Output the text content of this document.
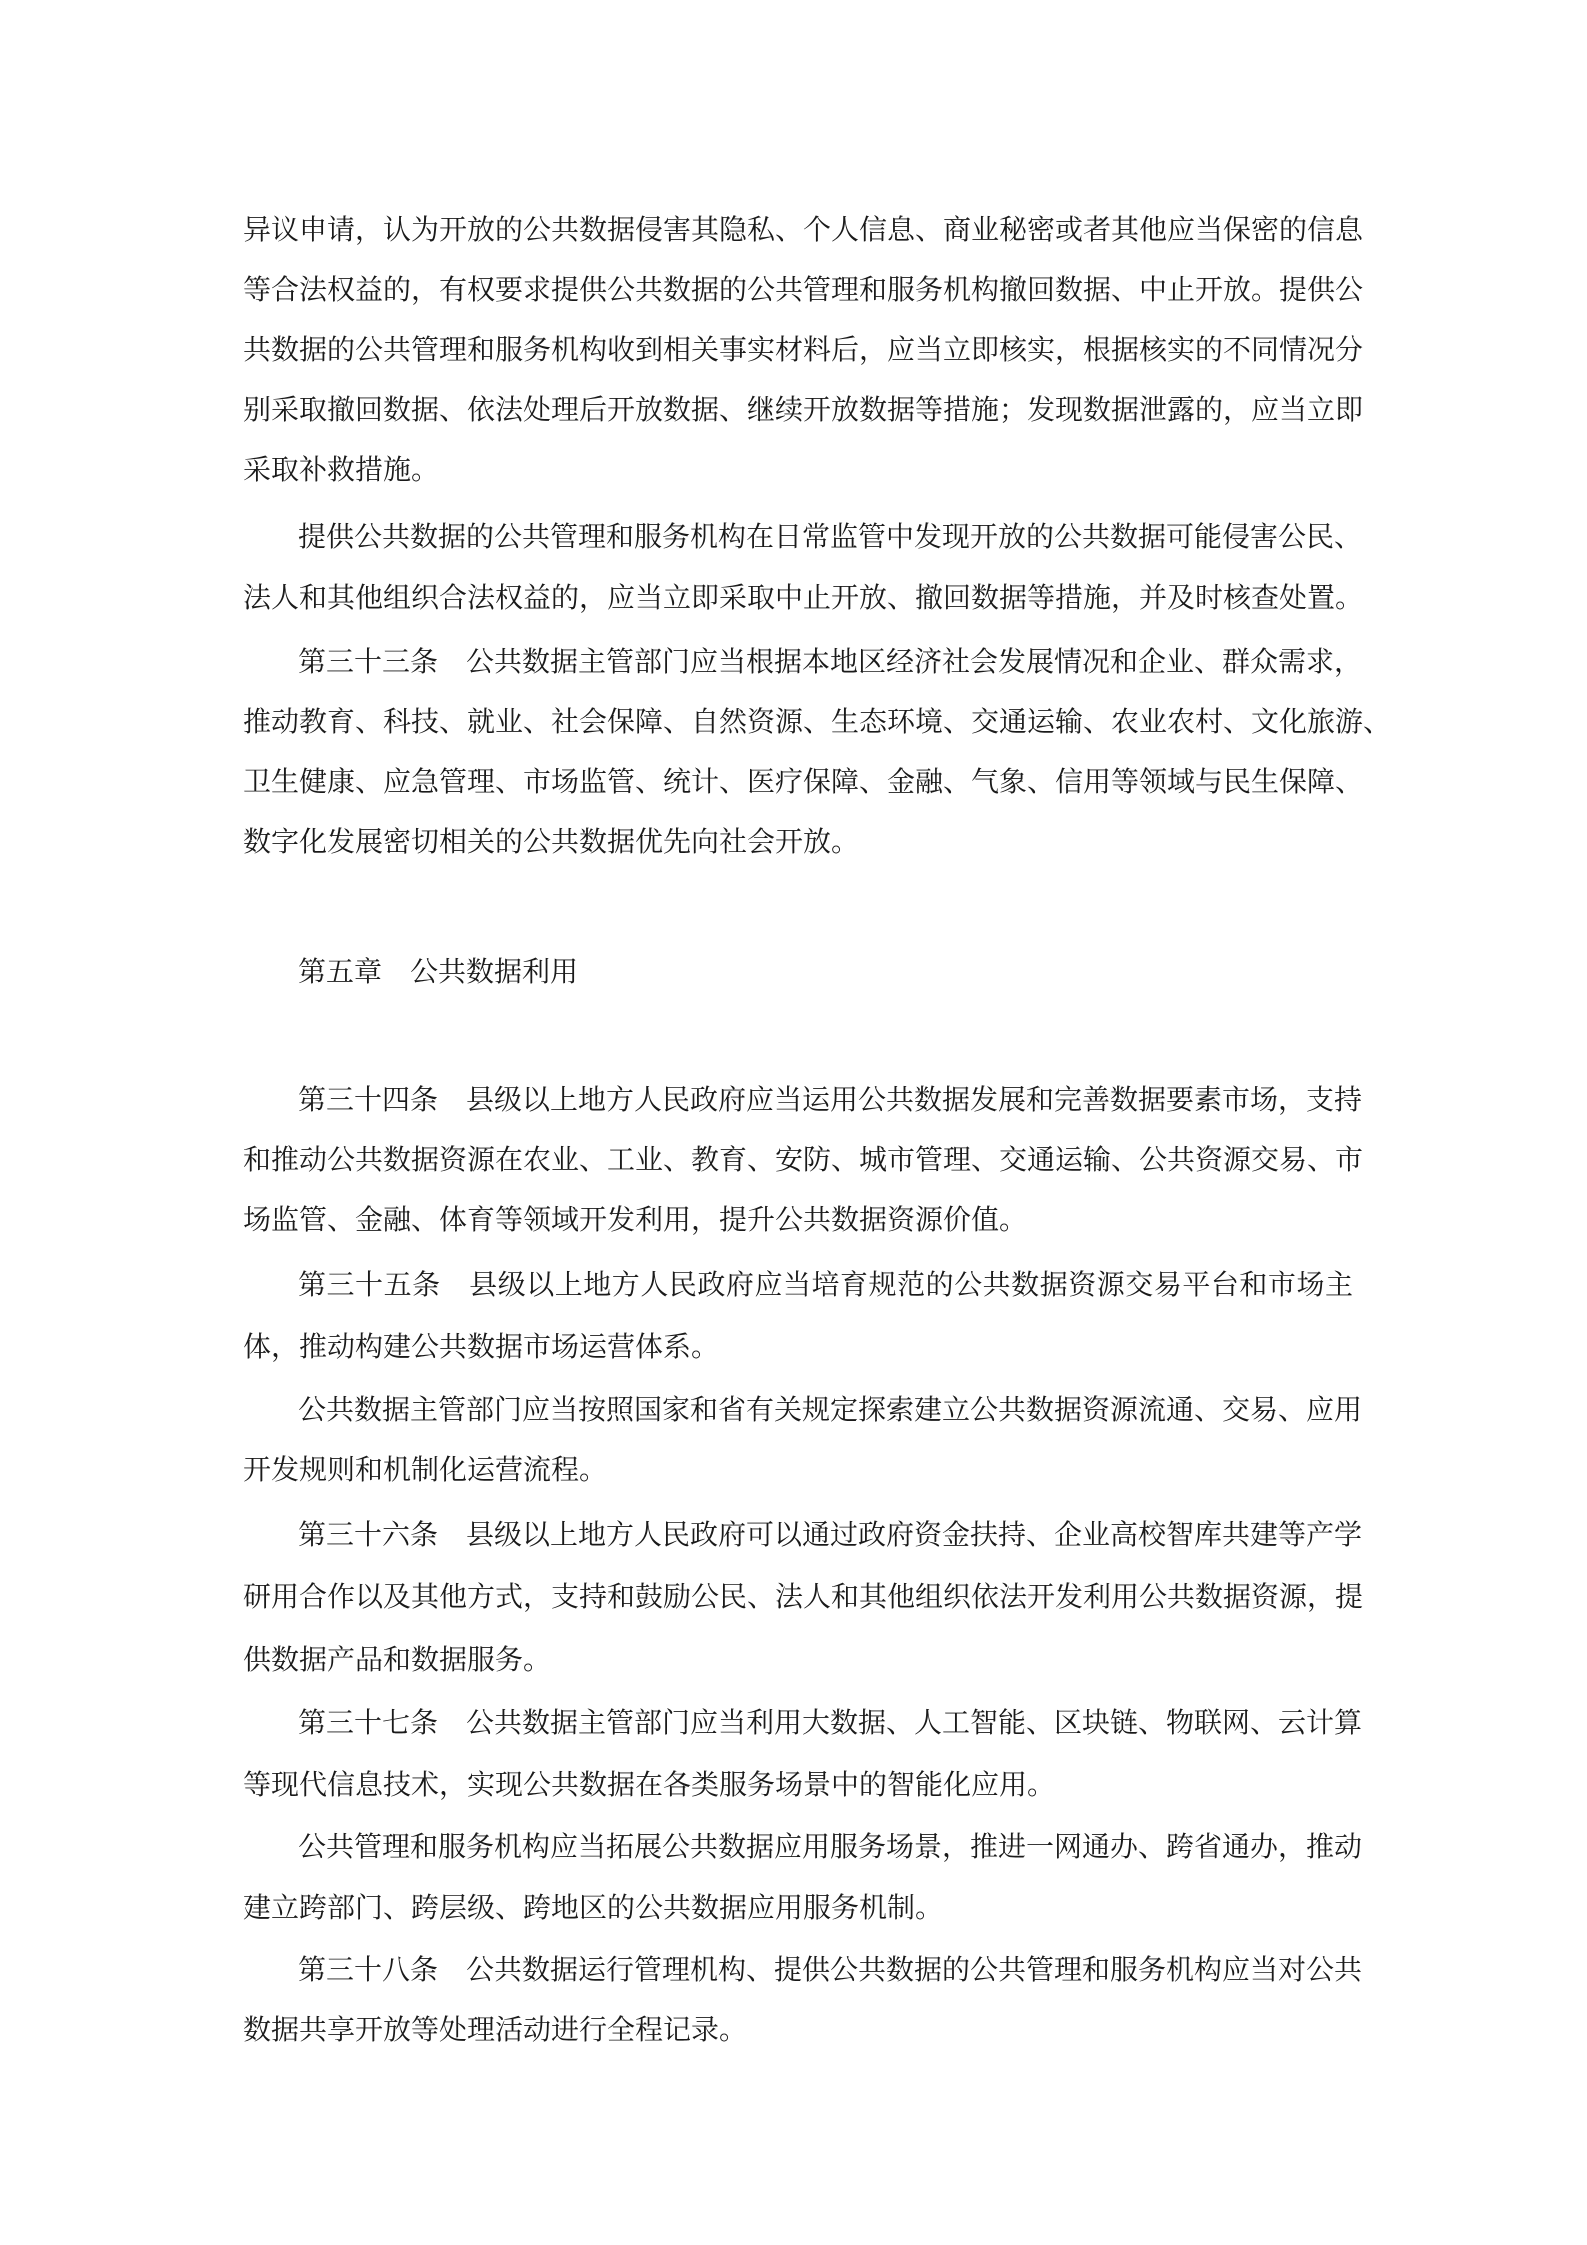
异议申请，认为开放的公共数据侵害其隐私、个人信息、商业秘密或者其他应当保密的信息
等合法权益的，有权要求提供公共数据的公共管理和服务机构撤回数据、中止开放。提供公
共数据的公共管理和服务机构收到相关事实材料后，应当立即核实，根据核实的不同情况分
别采取撤回数据、依法处理后开放数据、继续开放数据等措施；发现数据泄露的，应当立即
采取补救措施。
提供公共数据的公共管理和服务机构在日常监管中发现开放的公共数据可能侵害公民、
法人和其他组织合法权益的，应当立即采取中止开放、撤回数据等措施，并及时核查处置。
第三十三条　公共数据主管部门应当根据本地区经济社会发展情况和企业、群众需求，
推动教育、科技、就业、社会保障、自然资源、生态环境、交通运输、农业农村、文化旅游、
卫生健康、应急管理、市场监管、统计、医疗保障、金融、气象、信用等领域与民生保障、
数字化发展密切相关的公共数据优先向社会开放。
第五章　公共数据利用
第三十四条　县级以上地方人民政府应当运用公共数据发展和完善数据要素市场，支持
和推动公共数据资源在农业、工业、教育、安防、城市管理、交通运输、公共资源交易、市
场监管、金融、体育等领域开发利用，提升公共数据资源价值。
第三十五条　县级以上地方人民政府应当培育规范的公共数据资源交易平台和市场主
体，推动构建公共数据市场运营体系。
公共数据主管部门应当按照国家和省有关规定探索建立公共数据资源流通、交易、应用
开发规则和机制化运营流程。
第三十六条　县级以上地方人民政府可以通过政府资金扶持、企业高校智库共建等产学
研用合作以及其他方式，支持和鼓励公民、法人和其他组织依法开发利用公共数据资源，提
供数据产品和数据服务。
第三十七条　公共数据主管部门应当利用大数据、人工智能、区块链、物联网、云计算
等现代信息技术，实现公共数据在各类服务场景中的智能化应用。
公共管理和服务机构应当拓展公共数据应用服务场景，推进一网通办、跨省通办，推动
建立跨部门、跨层级、跨地区的公共数据应用服务机制。
第三十八条　公共数据运行管理机构、提供公共数据的公共管理和服务机构应当对公共
数据共享开放等处理活动进行全程记录。
